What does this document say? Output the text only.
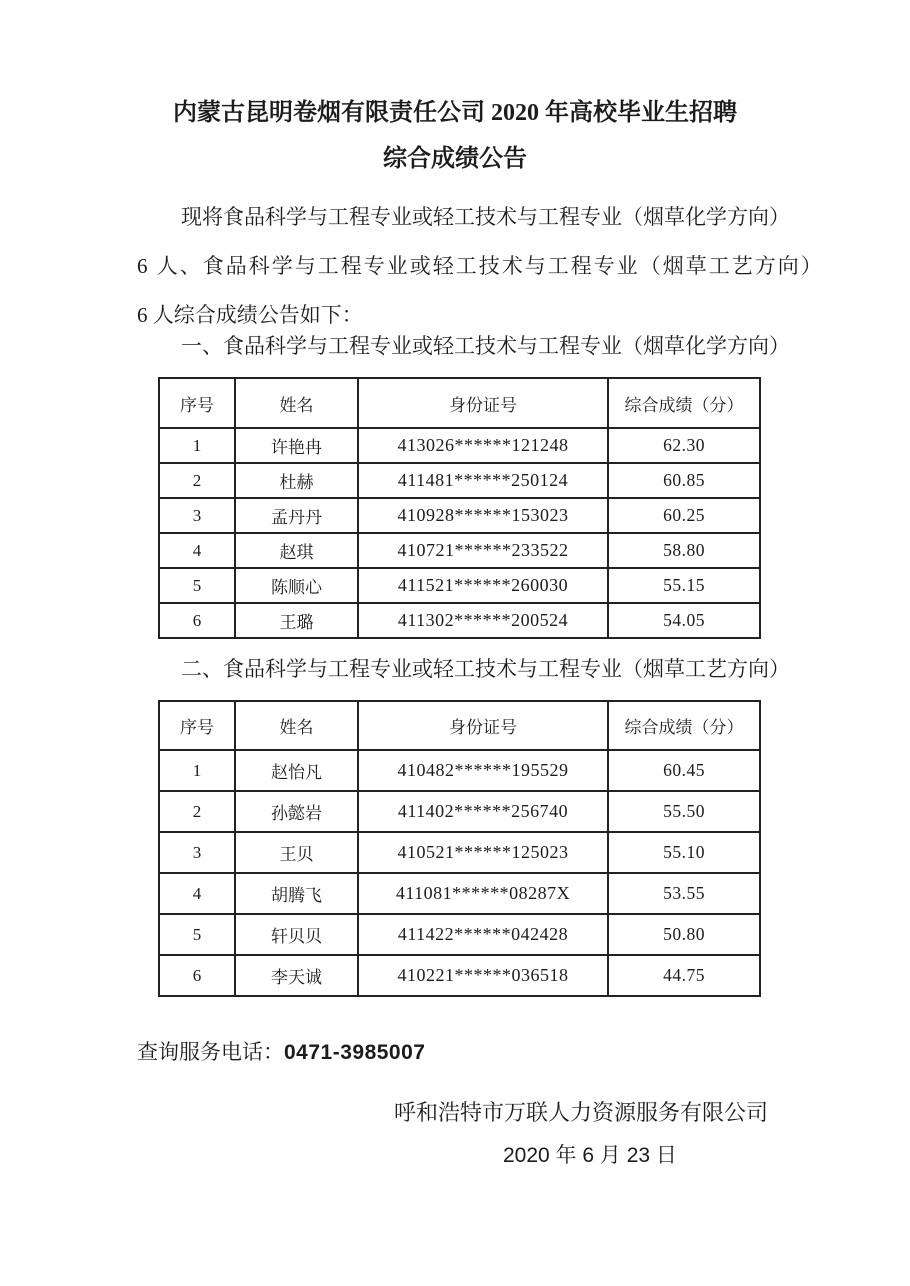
内蒙古昆明卷烟有限责任公司 2020 年高校毕业生招聘
综合成绩公告
现将食品科学与工程专业或轻工技术与工程专业（烟草化学方向）
6 人、食品科学与工程专业或轻工技术与工程专业（烟草工艺方向）
6 人综合成绩公告如下：
一、食品科学与工程专业或轻工技术与工程专业（烟草化学方向）
序号	姓名	身份证号	综合成绩（分）
1	许艳冉	413026******121248	62.30
2	杜赫	411481******250124	60.85
3	孟丹丹	410928******153023	60.25
4	赵琪	410721******233522	58.80
5	陈顺心	411521******260030	55.15
6	王璐	411302******200524	54.05
二、食品科学与工程专业或轻工技术与工程专业（烟草工艺方向）
序号	姓名	身份证号	综合成绩（分）
1	赵怡凡	410482******195529	60.45
2	孙懿岩	411402******256740	55.50
3	王贝	410521******125023	55.10
4	胡腾飞	411081******08287X	53.55
5	轩贝贝	411422******042428	50.80
6	李天诚	410221******036518	44.75
查询服务电话：0471-3985007
呼和浩特市万联人力资源服务有限公司
2020 年 6 月 23 日
